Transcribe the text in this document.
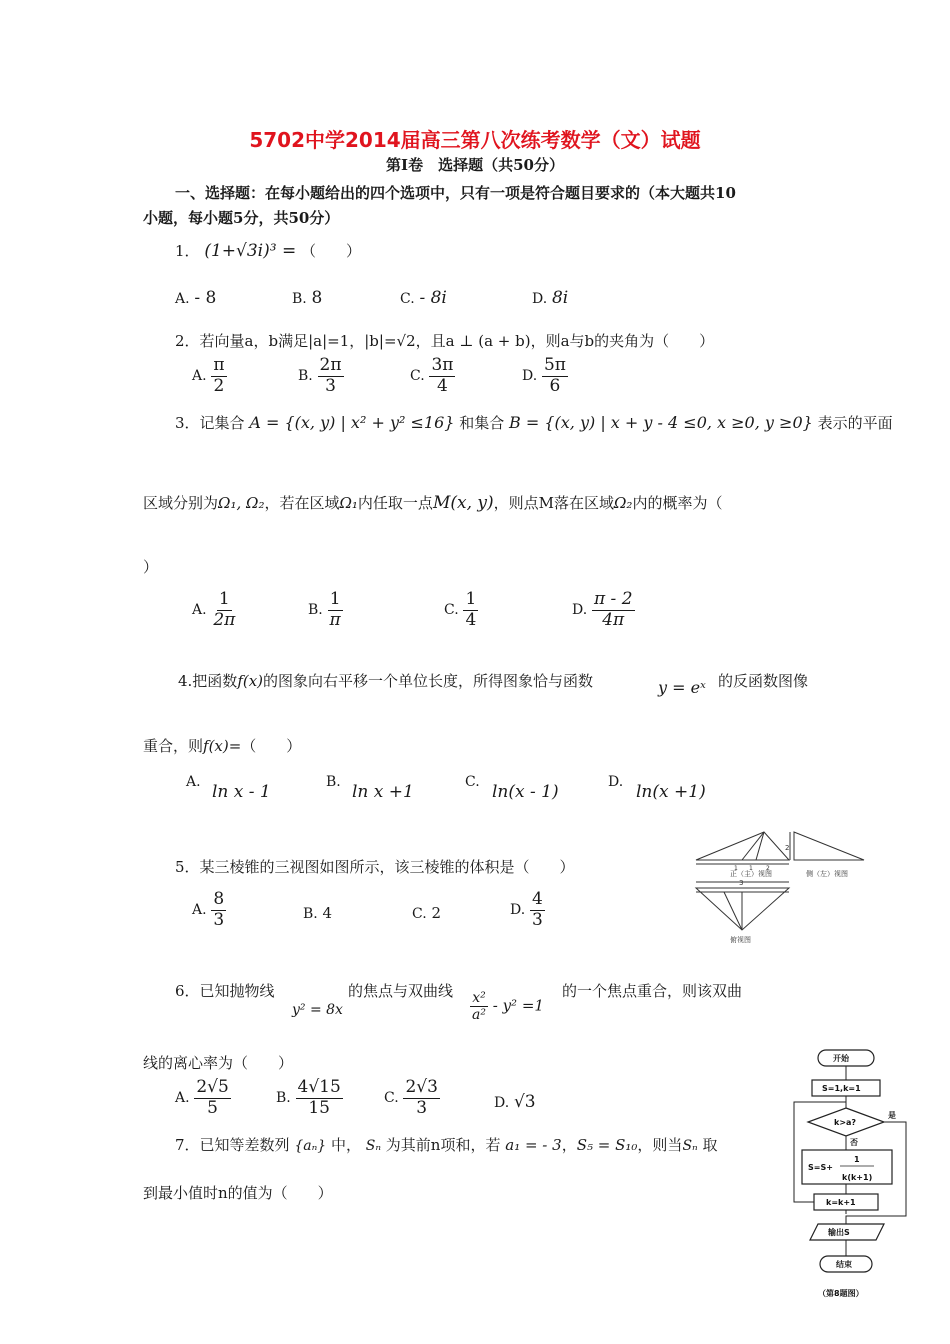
5702中学2014届高三第八次练考数学（文）试题
第Ⅰ卷　选择题（共50分）
一、选择题：在每小题给出的四个选项中，只有一项是符合题目要求的（本大题共10
小题，每小题5分，共50分）
1． (1+√3i)³ = （　　）
A. - 8	B. 8	C. - 8i	D. 8i
2．若向量a，b满足|a|=1，|b|=√2，且a ⊥ (a + b)，则a与b的夹角为（　　）
A. $\frac{\pi}{2}$	B. $\frac{2\pi}{3}$	C. $\frac{3\pi}{4}$	D. $\frac{5\pi}{6}$
3．记集合 A = {(x, y) | x² + y² ≤16} 和集合 B = {(x, y) | x + y - 4 ≤0, x ≥0, y ≥0} 表示的平面
区域分别为Ω₁, Ω₂，若在区域Ω₁内任取一点M(x, y)，则点M落在区域Ω₂内的概率为（
）
A. $\frac{1}{2\pi}$	B. $\frac{1}{\pi}$	C. $\frac{1}{4}$	D. $\frac{\pi - 2}{4\pi}$
4.把函数f(x)的图象向右平移一个单位长度，所得图象恰与函数	y = eˣ 的反函数图像
重合，则f(x)=（　　）
A. ln x - 1	B. ln x +1	C. ln(x - 1)	D. ln(x +1)
5．某三棱锥的三视图如图所示，该三棱锥的体积是（　　）
A. $\frac{8}{3}$	B. 4	C. 2	D. $\frac{4}{3}$
正（主）视图	侧（左）视图
俯视图
2
3
1 1 2
6．已知抛物线
y² = 8x
的焦点与双曲线 $\frac{\text{x²}}{\text{a²}} - y^2 =1$
的一个焦点重合，则该双曲
线的离心率为（　　）
A. $\frac{2√5}{5}$	B. $\frac{4√15}{15}$	C. $\frac{2√3}{3}$	D. √3
7．已知等差数列 {aₙ} 中， Sₙ 为其前n项和，若 a₁ = - 3，S₅ = S₁₀，则当Sₙ 取
到最小值时n的值为（　　）
开始
S=1,k=1
k>a?
是
否
S=S+
1
k(k+1)
k=k+1
输出S
结束
（第8题图）
